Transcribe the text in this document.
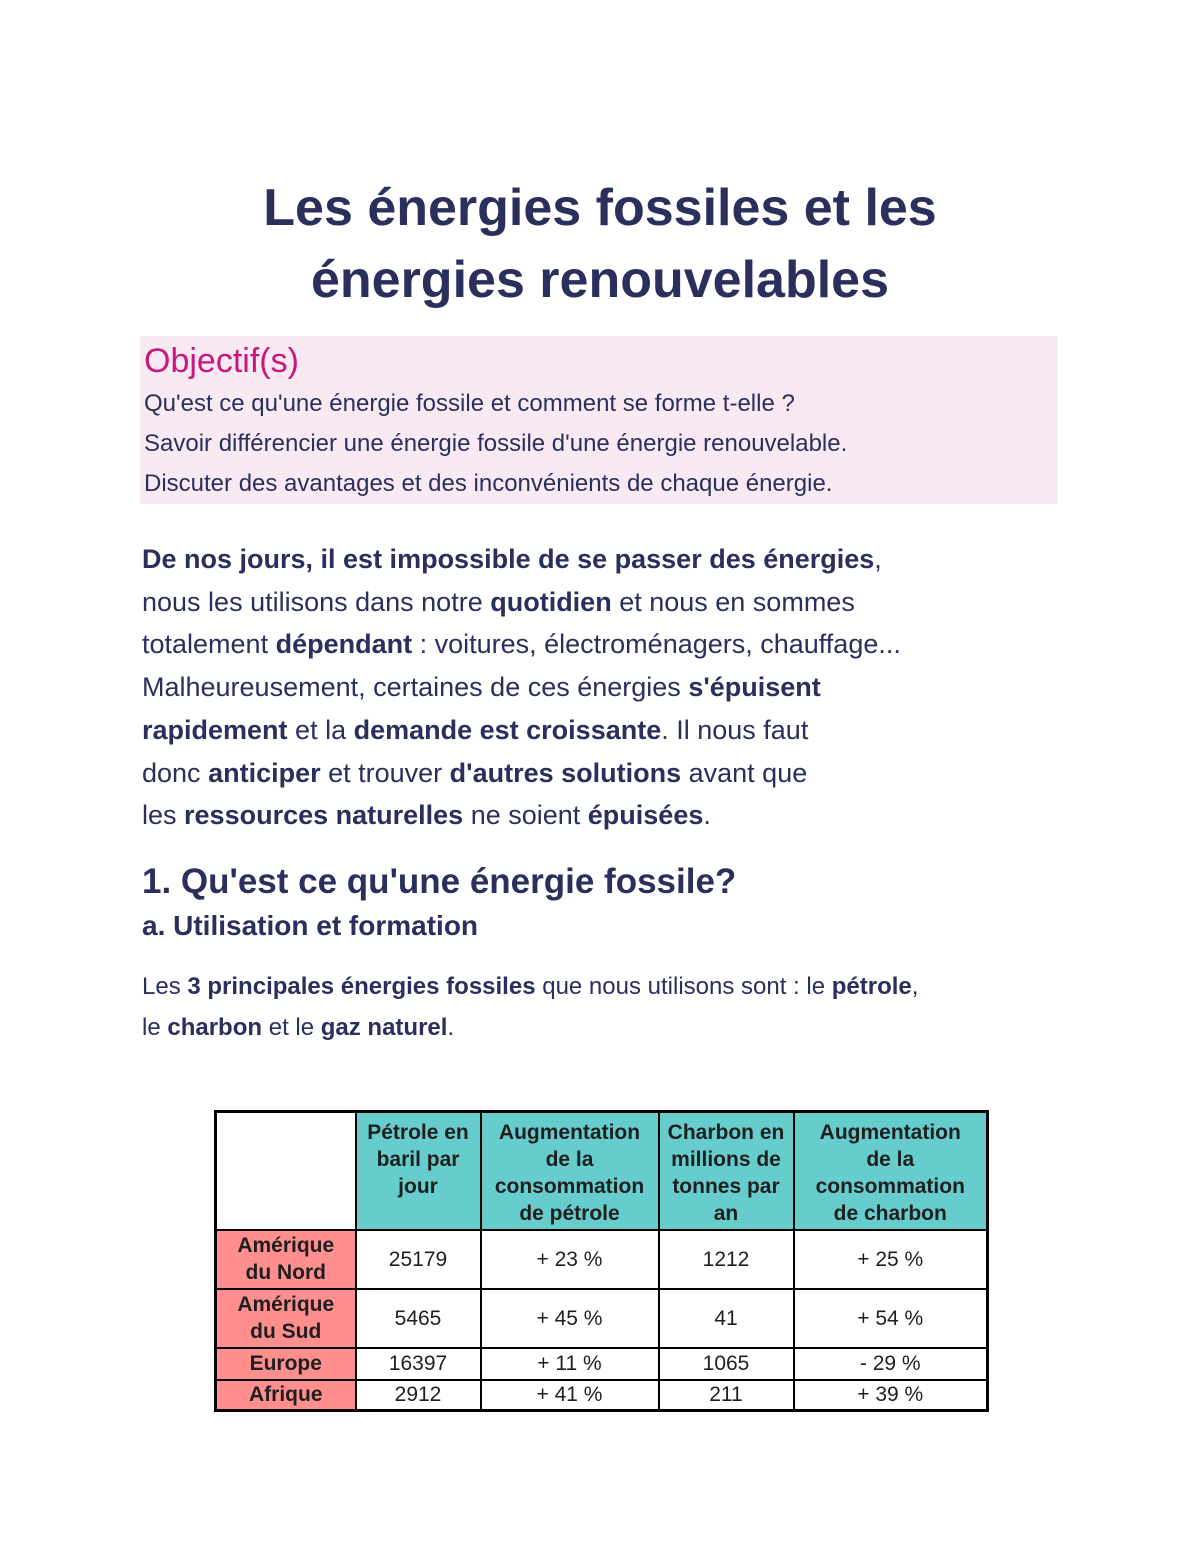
Les énergies fossiles et les
énergies renouvelables

Objectif(s)

Qu'est ce qu'une énergie fossile et comment se forme t-elle ?

Savoir différencier une énergie fossile d'une énergie renouvelable.

Discuter des avantages et des inconvénients de chaque énergie.

De nos jours, il est impossible de se passer des énergies,
nous les utilisons dans notre quotidien et nous en sommes
totalement dépendant : voitures, électroménagers, chauffage...
Malheureusement, certaines de ces énergies s'épuisent
rapidement et la demande est croissante. Il nous faut
donc anticiper et trouver d'autres solutions avant que
les ressources naturelles ne soient épuisées.

1. Qu'est ce qu'une énergie fossile?
a. Utilisation et formation

Les 3 principales énergies fossiles que nous utilisons sont : le pétrole,
le charbon et le gaz naturel.

	Pétrole en
baril par
jour	Augmentation
de la
consommation
de pétrole	Charbon en
millions de
tonnes par
an	Augmentation
de la
consommation
de charbon
Amérique
du Nord	25179	+ 23 %	1212	+ 25 %
Amérique
du Sud	5465	+ 45 %	41	+ 54 %
Europe	16397	+ 11 %	1065	- 29 %
Afrique	2912	+ 41 %	211	+ 39 %
